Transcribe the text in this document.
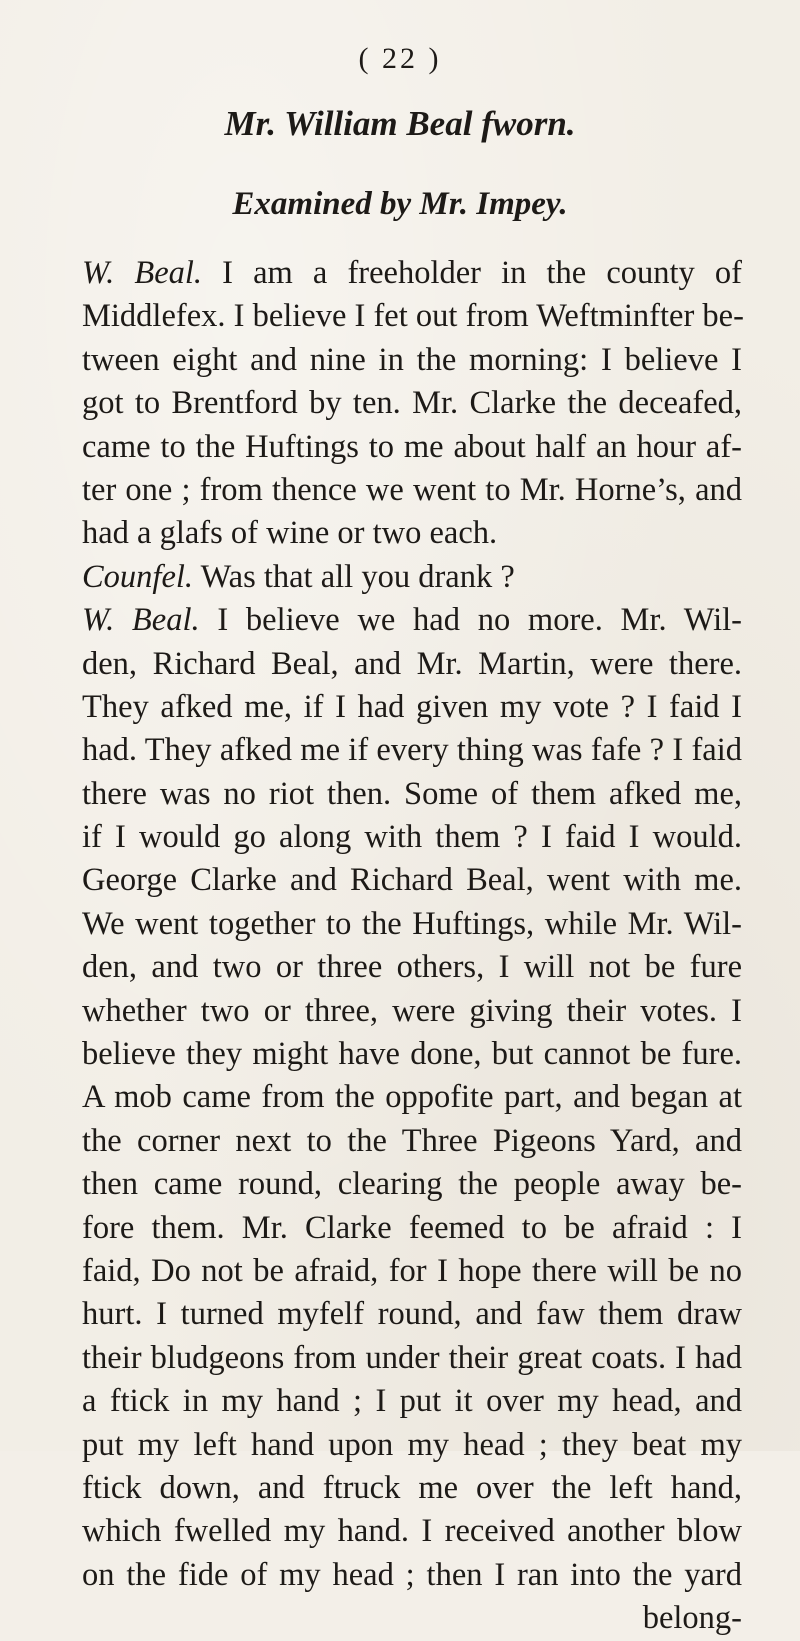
( 22 )
Mr. William Beal fworn.
Examined by Mr. Impey.
W. Beal. I am a freeholder in the county of
Middlefex. I believe I fet out from Weftminfter be-
tween eight and nine in the morning: I believe I
got to Brentford by ten. Mr. Clarke the deceafed,
came to the Huftings to me about half an hour af-
ter one ; from thence we went to Mr. Horne’s, and
had a glafs of wine or two each.
Counfel. Was that all you drank ?
W. Beal. I believe we had no more. Mr. Wil-
den, Richard Beal, and Mr. Martin, were there.
They afked me, if I had given my vote ? I faid I
had. They afked me if every thing was fafe ? I faid
there was no riot then. Some of them afked me,
if I would go along with them ? I faid I would.
George Clarke and Richard Beal, went with me.
We went together to the Huftings, while Mr. Wil-
den, and two or three others, I will not be fure
whether two or three, were giving their votes. I
believe they might have done, but cannot be fure.
A mob came from the oppofite part, and began at
the corner next to the Three Pigeons Yard, and
then came round, clearing the people away be-
fore them. Mr. Clarke feemed to be afraid : I
faid, Do not be afraid, for I hope there will be no
hurt. I turned myfelf round, and faw them draw
their bludgeons from under their great coats. I had
a ftick in my hand ; I put it over my head, and
put my left hand upon my head ; they beat my
ftick down, and ftruck me over the left hand,
which fwelled my hand. I received another blow
on the fide of my head ; then I ran into the yard
belong-
